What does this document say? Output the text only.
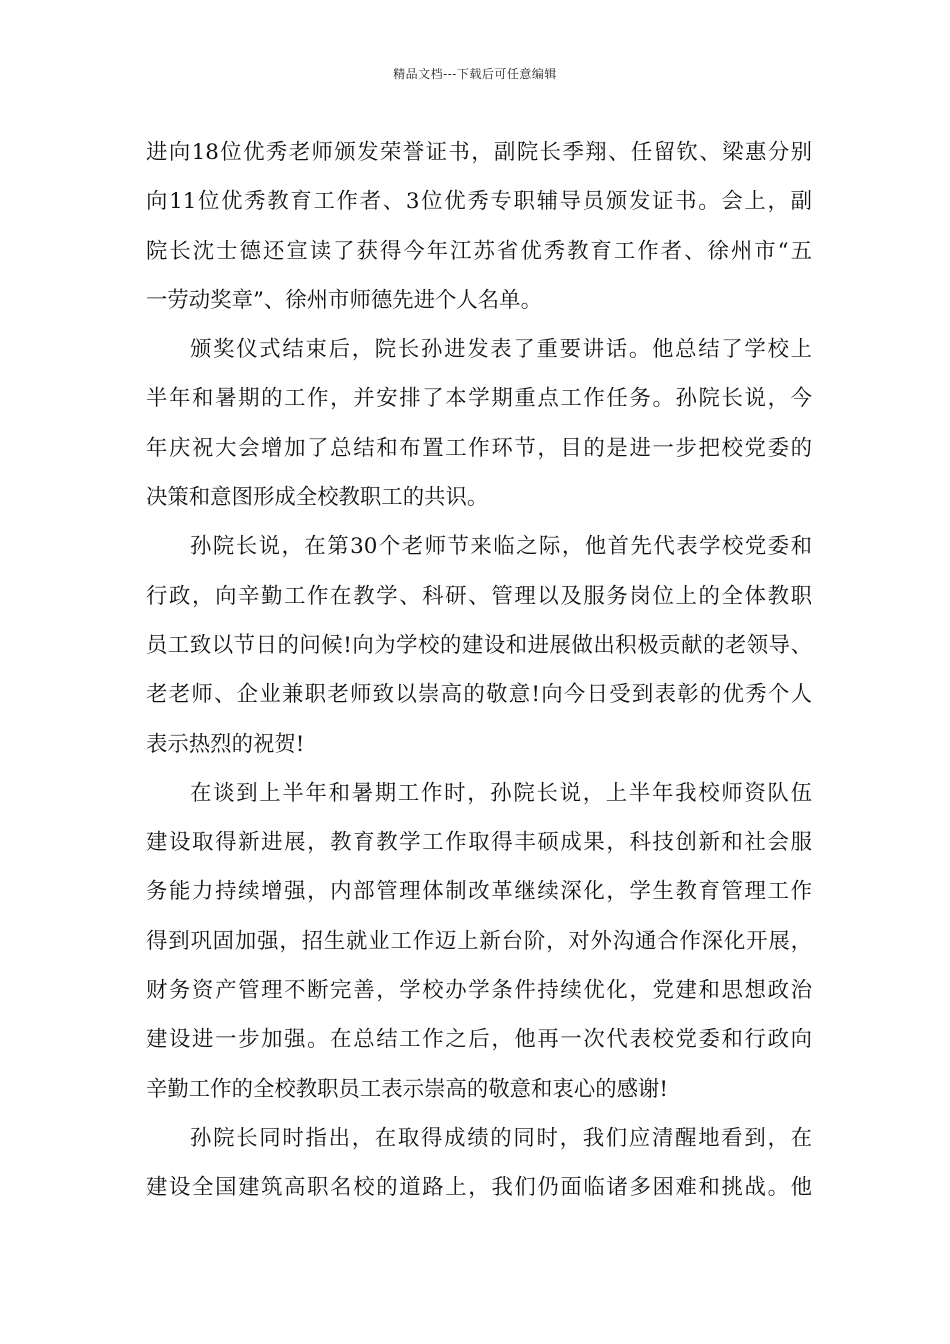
精品文档---下载后可任意编辑
进向18位优秀老师颁发荣誉证书，副院长季翔、任留钦、梁惠分别
向11位优秀教育工作者、3位优秀专职辅导员颁发证书。会上，副
院长沈士德还宣读了获得今年江苏省优秀教育工作者、徐州市“五
一劳动奖章”、徐州市师德先进个人名单。
颁奖仪式结束后，院长孙进发表了重要讲话。他总结了学校上
半年和暑期的工作，并安排了本学期重点工作任务。孙院长说，今
年庆祝大会增加了总结和布置工作环节，目的是进一步把校党委的
决策和意图形成全校教职工的共识。
孙院长说，在第30个老师节来临之际，他首先代表学校党委和
行政，向辛勤工作在教学、科研、管理以及服务岗位上的全体教职
员工致以节日的问候!向为学校的建设和进展做出积极贡献的老领导、
老老师、企业兼职老师致以崇高的敬意!向今日受到表彰的优秀个人
表示热烈的祝贺!
在谈到上半年和暑期工作时，孙院长说，上半年我校师资队伍
建设取得新进展，教育教学工作取得丰硕成果，科技创新和社会服
务能力持续增强，内部管理体制改革继续深化，学生教育管理工作
得到巩固加强，招生就业工作迈上新台阶，对外沟通合作深化开展，
财务资产管理不断完善，学校办学条件持续优化，党建和思想政治
建设进一步加强。在总结工作之后，他再一次代表校党委和行政向
辛勤工作的全校教职员工表示崇高的敬意和衷心的感谢!
孙院长同时指出，在取得成绩的同时，我们应清醒地看到，在
建设全国建筑高职名校的道路上，我们仍面临诸多困难和挑战。他
